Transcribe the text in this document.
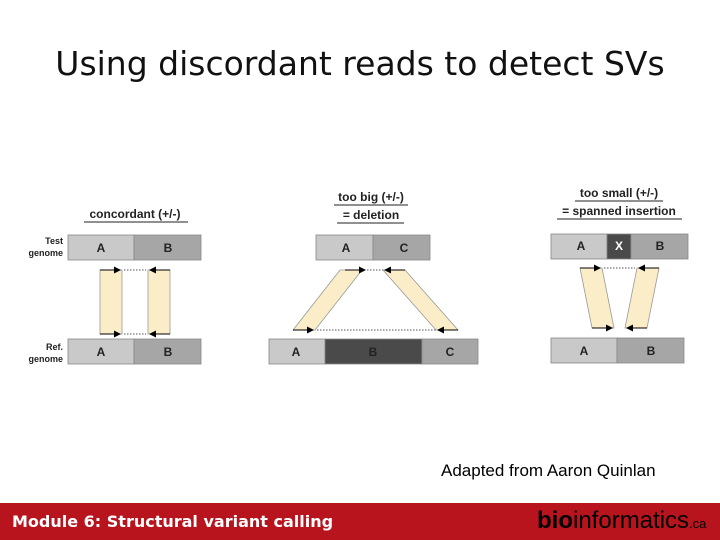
Using discordant reads to detect SVs
Test
genome
Ref.
genome
concordant (+/-)
A	B
A	B
too big (+/-)
= deletion
A	C
A	B	C
too small (+/-)
= spanned insertion
A X	B
A	B
Adapted from Aaron Quinlan
Module 6: Structural variant calling	bioinformatics.ca
